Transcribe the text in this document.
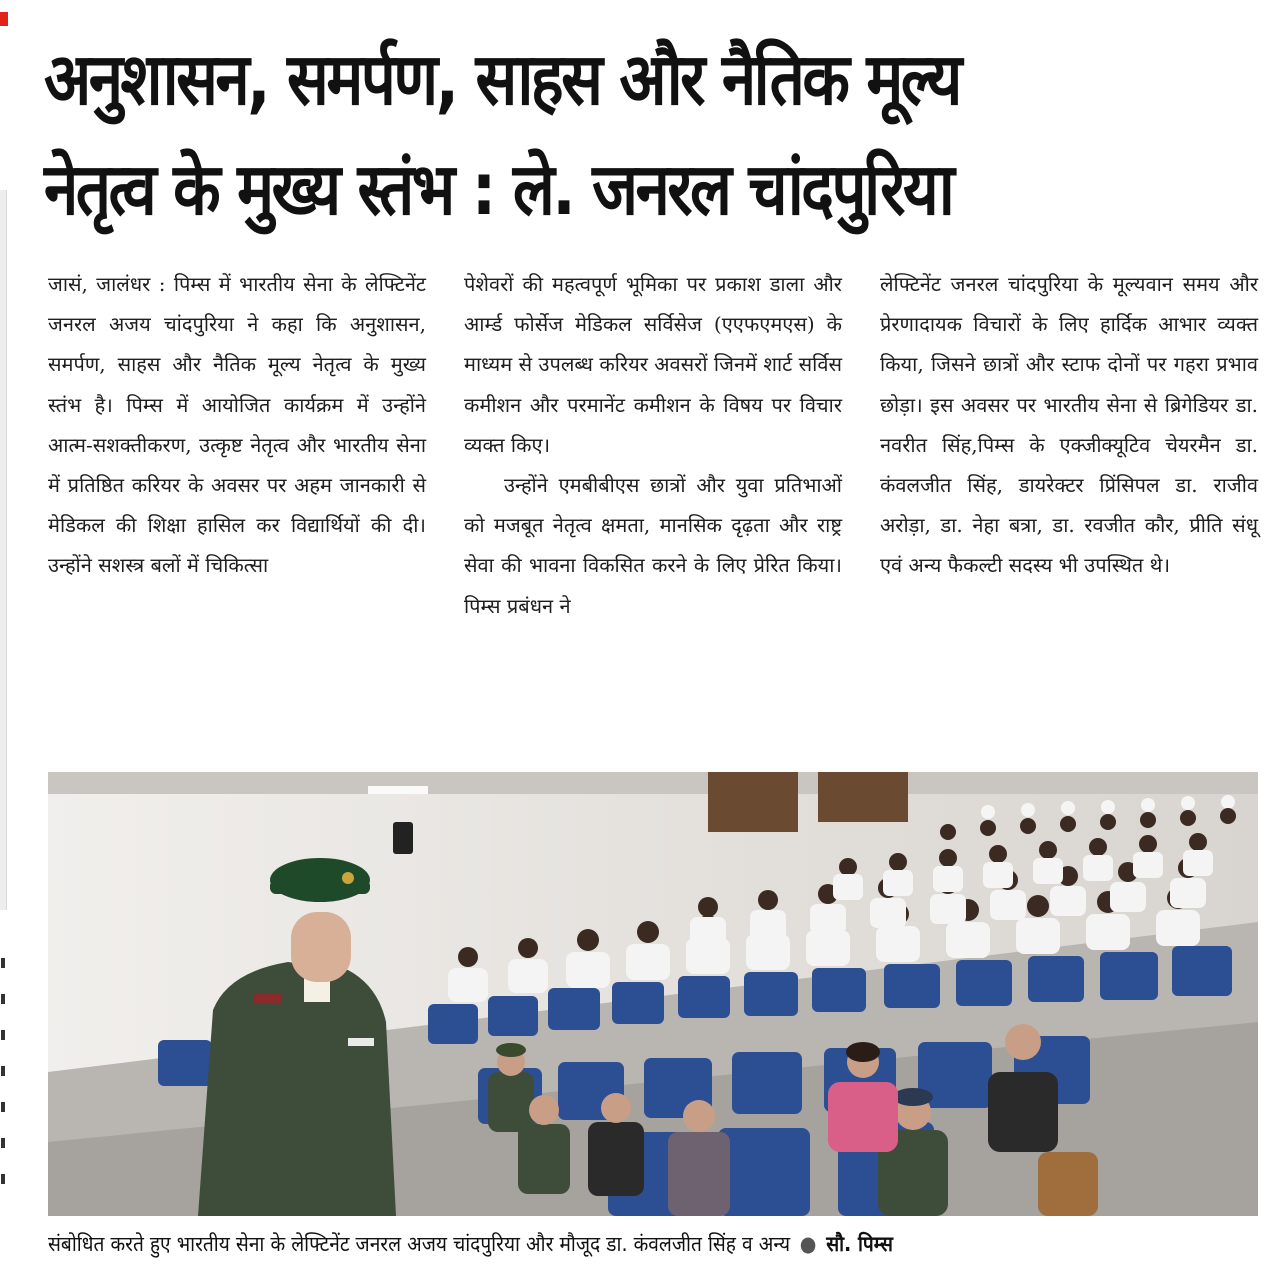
अनुशासन, समर्पण, साहस और नैतिक मूल्य
नेतृत्व के मुख्य स्तंभ : ले. जनरल चांदपुरिया

जासं, जालंधर : पिम्स में भारतीय सेना के लेफ्टिनेंट जनरल अजय चांदपुरिया ने कहा कि अनुशासन, समर्पण, साहस और नैतिक मूल्य नेतृत्व के मुख्य स्तंभ है। पिम्स में आयोजित कार्यक्रम में उन्होंने आत्म-सशक्तीकरण, उत्कृष्ट नेतृत्व और भारतीय सेना में प्रतिष्ठित करियर के अवसर पर अहम जानकारी से मेडिकल की शिक्षा हासिल कर विद्यार्थियों की दी। उन्होंने सशस्त्र बलों में चिकित्सा

पेशेवरों की महत्वपूर्ण भूमिका पर प्रकाश डाला और आर्म्ड फोर्सेज मेडिकल सर्विसेज (एएफएमएस) के माध्यम से उपलब्ध करियर अवसरों जिनमें शार्ट सर्विस कमीशन और परमानेंट कमीशन के विषय पर विचार व्यक्त किए।

उन्होंने एमबीबीएस छात्रों और युवा प्रतिभाओं को मजबूत नेतृत्व क्षमता, मानसिक दृढ़ता और राष्ट्र सेवा की भावना विकसित करने के लिए प्रेरित किया। पिम्स प्रबंधन ने

लेफ्टिनेंट जनरल चांदपुरिया के मूल्यवान समय और प्रेरणादायक विचारों के लिए हार्दिक आभार व्यक्त किया, जिसने छात्रों और स्टाफ दोनों पर गहरा प्रभाव छोड़ा। इस अवसर पर भारतीय सेना से ब्रिगेडियर डा. नवरीत सिंह,पिम्स के एक्जीक्यूटिव चेयरमैन डा. कंवलजीत सिंह, डायरेक्टर प्रिंसिपल डा. राजीव अरोड़ा, डा. नेहा बत्रा, डा. रवजीत कौर, प्रीति संधू एवं अन्य फैकल्टी सदस्य भी उपस्थित थे।

संबोधित करते हुए भारतीय सेना के लेफ्टिनेंट जनरल अजय चांदपुरिया और मौजूद डा. कंवलजीत सिंह व अन्य ● सौ. पिम्स
